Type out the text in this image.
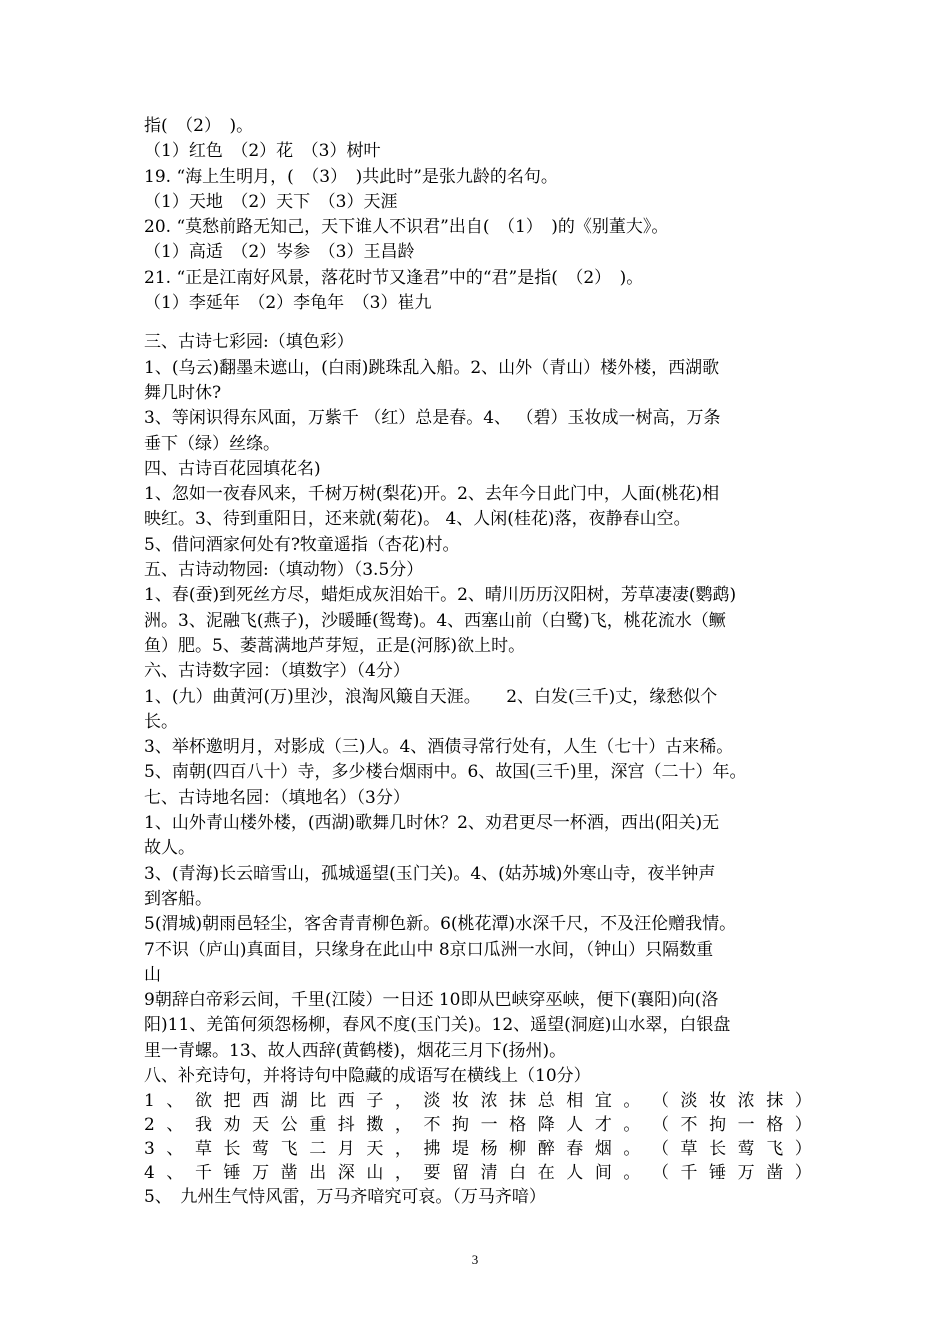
指(　（2）　)。
（1）红色　（2）花　（3）树叶
19. “海上生明月，(　（3）　)共此时”是张九龄的名句。
（1）天地　（2）天下　（3）天涯
20. “莫愁前路无知己，天下谁人不识君”出自(　（1）　)的《别董大》。
（1）高适　（2）岑参　（3）王昌龄
21. “正是江南好风景，落花时节又逢君”中的“君”是指(　（2）　)。
（1）李延年　（2）李龟年　（3）崔九
三、古诗七彩园:（填色彩）
1、(乌云)翻墨未遮山，(白雨)跳珠乱入船。2、山外（青山）楼外楼，西湖歌
舞几时休?
3、等闲识得东风面，万紫千 （红）总是春。4、 （碧）玉妆成一树高，万条
垂下（绿）丝绦。
四、古诗百花园填花名)
1、忽如一夜春风来，千树万树(梨花)开。2、去年今日此门中，人面(桃花)相
映红。3、待到重阳日，还来就(菊花)。 4、人闲(桂花)落，夜静春山空。
5、借问酒家何处有?牧童遥指（杏花)村。
五、古诗动物园:（填动物）（3.5分）
1、春(蚕)到死丝方尽，蜡炬成灰泪始干。2、晴川历历汉阳树，芳草凄凄(鹦鹉)
洲。3、泥融飞(燕子)，沙暖睡(鸳鸯)。4、西塞山前（白鹭)飞，桃花流水（鳜
鱼）肥。5、萎蒿满地芦芽短，正是(河豚)欲上时。
六、古诗数字园：（填数字）（4分）
1、(九）曲黄河(万)里沙，浪淘风簸自天涯。　　2、白发(三千)丈，缘愁似个
长。
3、举杯邀明月，对影成（三)人。4、酒债寻常行处有，人生（七十）古来稀。
5、南朝(四百八十）寺，多少楼台烟雨中。6、故国(三千)里，深宫（二十）年。
七、古诗地名园：（填地名）（3分）
1、山外青山楼外楼，(西湖)歌舞几时休？2、劝君更尽一杯酒，西出(阳关)无
故人。
3、(青海)长云暗雪山，孤城遥望(玉门关)。4、(姑苏城)外寒山寺，夜半钟声
到客船。
5(渭城)朝雨邑轻尘，客舍青青柳色新。6(桃花潭)水深千尺，不及汪伦赠我情。
7不识（庐山)真面目，只缘身在此山中 8京口瓜洲一水间，（钟山）只隔数重
山
9朝辞白帝彩云间，千里(江陵）一日还 10即从巴峡穿巫峡，便下(襄阳)向(洛
阳)11、羌笛何须怨杨柳，春风不度(玉门关)。12、遥望(洞庭)山水翠，白银盘
里一青螺。13、故人西辞(黄鹤楼)，烟花三月下(扬州)。
八、补充诗句，并将诗句中隐藏的成语写在横线上（10分）
1 、 欲 把 西 湖 比 西 子 ， 淡 妆 浓 抹 总 相 宜 。 （ 淡 妆 浓 抹 ）
2 、 我 劝 天 公 重 抖 擞 ， 不 拘 一 格 降 人 才 。 （ 不 拘 一 格 ）
3 、 草 长 莺 飞 二 月 天 ， 拂 堤 杨 柳 醉 春 烟 。 （ 草 长 莺 飞 ）
4 、 千 锤 万 凿 出 深 山 ， 要 留 清 白 在 人 间 。 （ 千 锤 万 凿 ）
5、　九州生气恃风雷，万马齐喑究可哀。（万马齐喑）
3
